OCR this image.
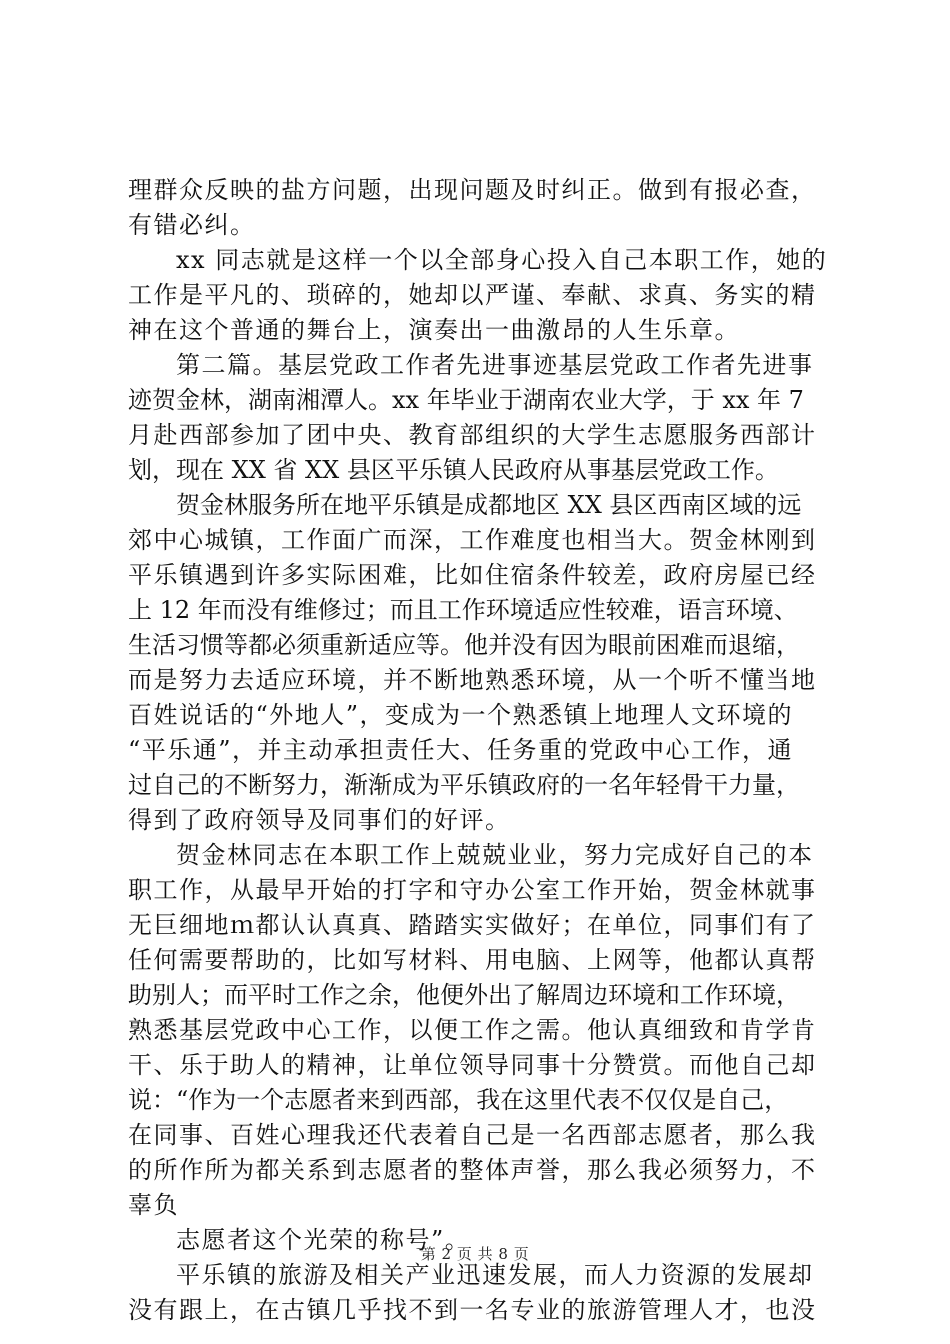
理群众反映的盐方问题，出现问题及时纠正。做到有报必查，
有错必纠。
xx 同志就是这样一个以全部身心投入自己本职工作，她的
工作是平凡的、琐碎的，她却以严谨、奉献、求真、务实的精
神在这个普通的舞台上，演奏出一曲激昂的人生乐章。
第二篇。基层党政工作者先进事迹基层党政工作者先进事
迹贺金林，湖南湘潭人。xx 年毕业于湖南农业大学，于 xx 年 7
月赴西部参加了团中央、教育部组织的大学生志愿服务西部计
划，现在 XX 省 XX 县区平乐镇人民政府从事基层党政工作。
贺金林服务所在地平乐镇是成都地区 XX 县区西南区域的远
郊中心城镇，工作面广而深，工作难度也相当大。贺金林刚到
平乐镇遇到许多实际困难，比如住宿条件较差，政府房屋已经
上 12 年而没有维修过；而且工作环境适应性较难，语言环境、
生活习惯等都必须重新适应等。他并没有因为眼前困难而退缩，
而是努力去适应环境，并不断地熟悉环境，从一个听不懂当地
百姓说话的“外地人”，变成为一个熟悉镇上地理人文环境的
“平乐通”，并主动承担责任大、任务重的党政中心工作，通
过自己的不断努力，渐渐成为平乐镇政府的一名年轻骨干力量，
得到了政府领导及同事们的好评。
贺金林同志在本职工作上兢兢业业，努力完成好自己的本
职工作，从最早开始的打字和守办公室工作开始，贺金林就事
无巨细地ｍ都认认真真、踏踏实实做好；在单位，同事们有了
任何需要帮助的，比如写材料、用电脑、上网等，他都认真帮
助别人；而平时工作之余，他便外出了解周边环境和工作环境，
熟悉基层党政中心工作，以便工作之需。他认真细致和肯学肯
干、乐于助人的精神，让单位领导同事十分赞赏。而他自己却
说：“作为一个志愿者来到西部，我在这里代表不仅仅是自己，
在同事、百姓心理我还代表着自己是一名西部志愿者，那么我
的所作所为都关系到志愿者的整体声誉，那么我必须努力，不
辜负
志愿者这个光荣的称号”。
平乐镇的旅游及相关产业迅速发展，而人力资源的发展却
没有跟上，在古镇几乎找不到一名专业的旅游管理人才，也没
第 2 页 共 8 页
